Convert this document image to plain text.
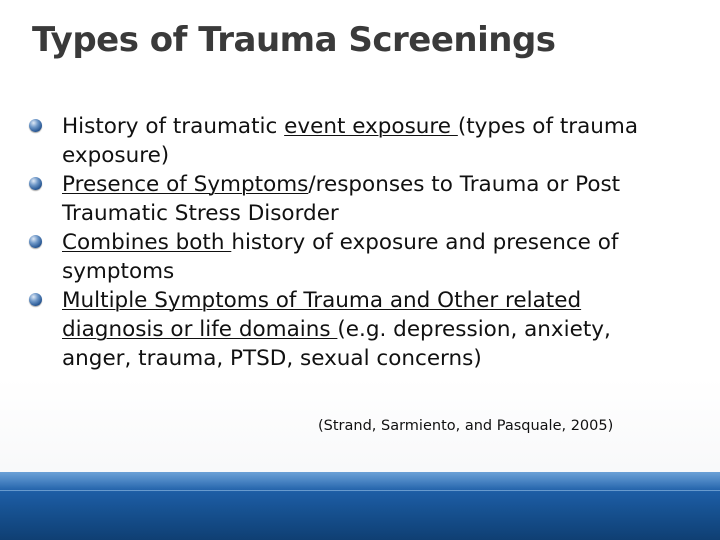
Types of Trauma Screenings
History of traumatic event exposure (types of trauma exposure)
Presence of Symptoms/responses to Trauma or Post Traumatic Stress Disorder
Combines both history of exposure and presence of symptoms
Multiple Symptoms of Trauma and Other related diagnosis or life domains (e.g. depression, anxiety, anger, trauma, PTSD, sexual concerns)
(Strand, Sarmiento, and Pasquale, 2005)
